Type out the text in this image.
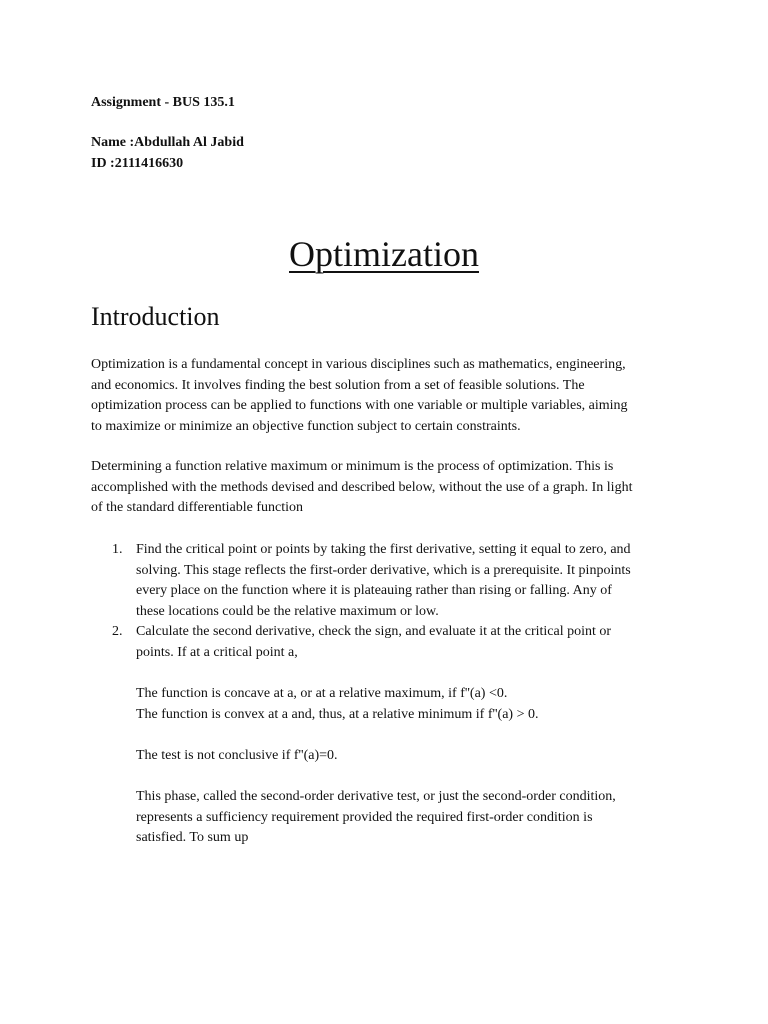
Assignment - BUS 135.1
Name :Abdullah Al Jabid
ID :2111416630
Optimization
Introduction
Optimization is a fundamental concept in various disciplines such as mathematics, engineering,
and economics. It involves finding the best solution from a set of feasible solutions. The
optimization process can be applied to functions with one variable or multiple variables, aiming
to maximize or minimize an objective function subject to certain constraints.
Determining a function relative maximum or minimum is the process of optimization. This is
accomplished with the methods devised and described below, without the use of a graph. In light
of the standard differentiable function
1. Find the critical point or points by taking the first derivative, setting it equal to zero, and
solving. This stage reflects the first-order derivative, which is a prerequisite. It pinpoints
every place on the function where it is plateauing rather than rising or falling. Any of
these locations could be the relative maximum or low.
2. Calculate the second derivative, check the sign, and evaluate it at the critical point or
points. If at a critical point a,
The function is concave at a, or at a relative maximum, if f''(a) <0.
The function is convex at a and, thus, at a relative minimum if f''(a) > 0.
The test is not conclusive if f''(a)=0.
This phase, called the second-order derivative test, or just the second-order condition,
represents a sufficiency requirement provided the required first-order condition is
satisfied. To sum up
